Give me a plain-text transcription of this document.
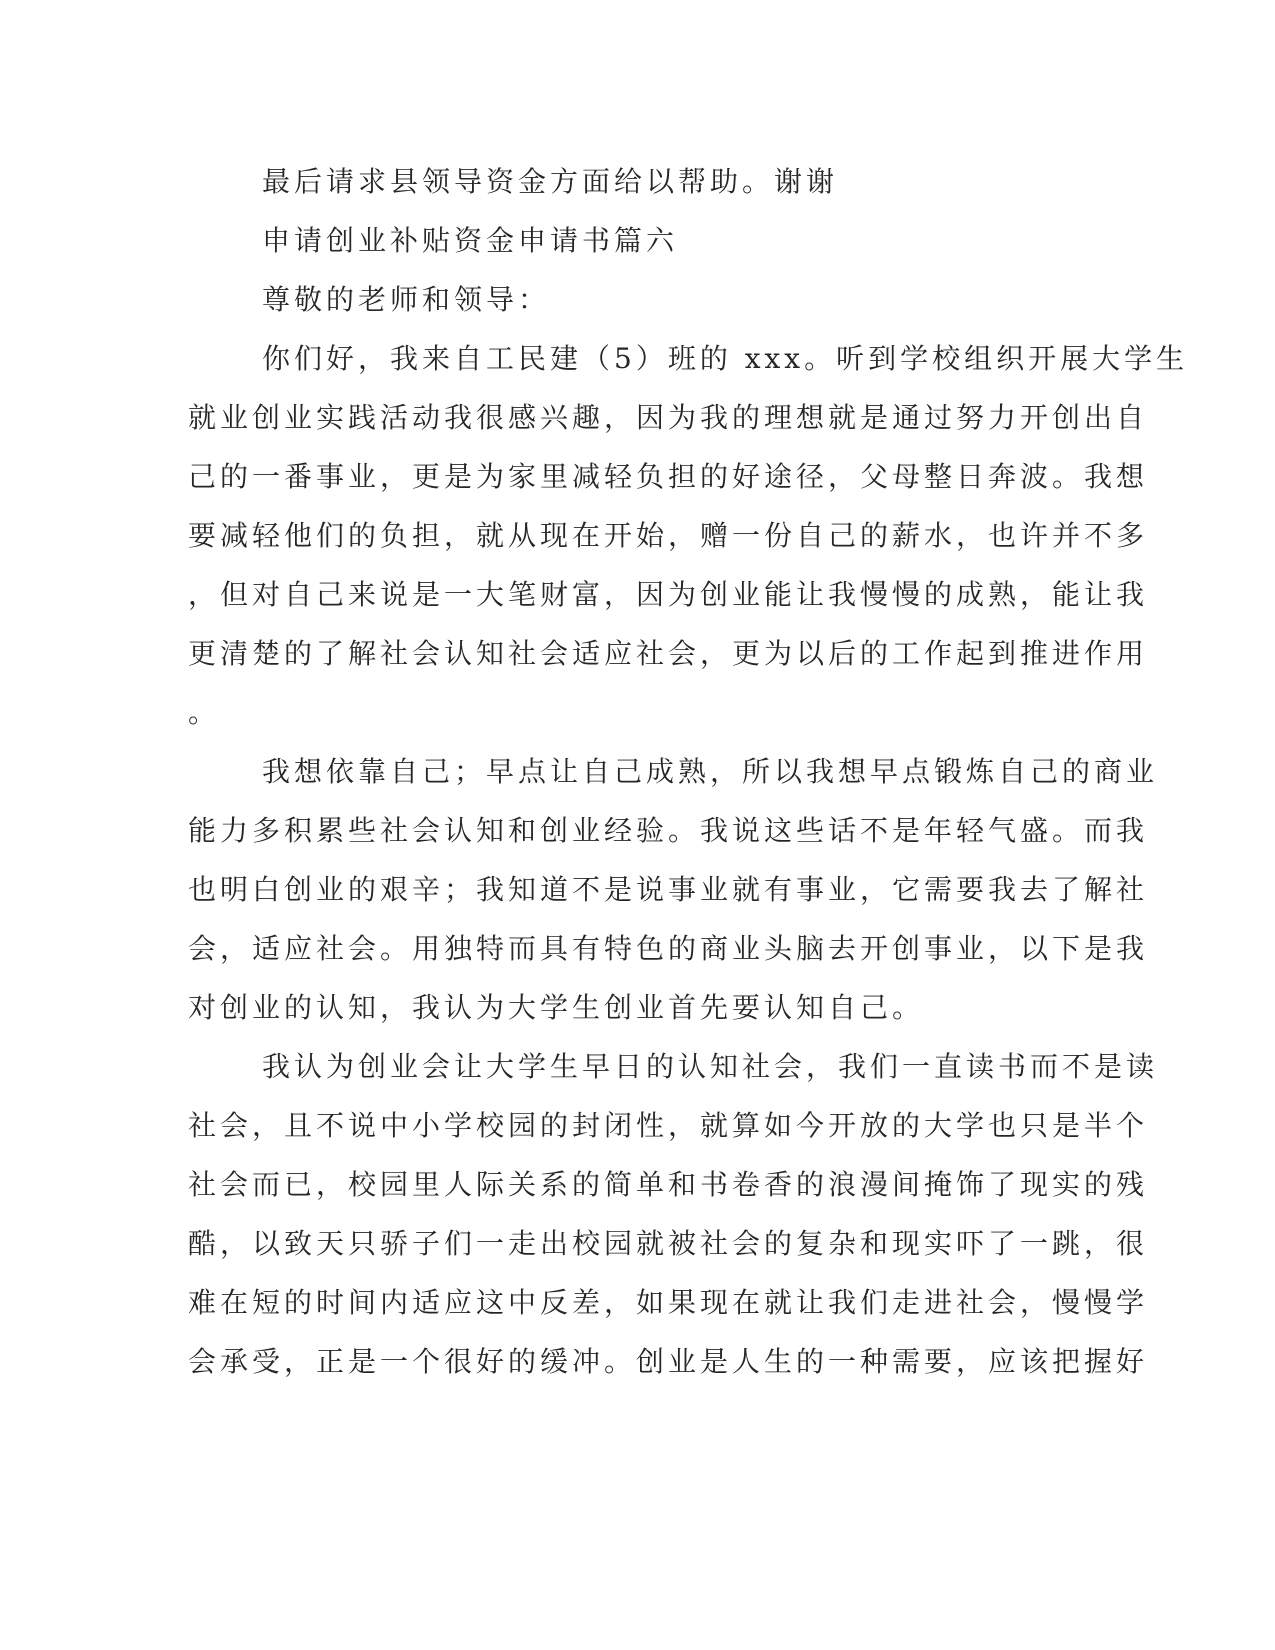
最后请求县领导资金方面给以帮助。谢谢
申请创业补贴资金申请书篇六
尊敬的老师和领导：
你们好，我来自工民建（5）班的 xxx。听到学校组织开展大学生
就业创业实践活动我很感兴趣，因为我的理想就是通过努力开创出自
己的一番事业，更是为家里减轻负担的好途径，父母整日奔波。我想
要减轻他们的负担，就从现在开始，赠一份自己的薪水，也许并不多
，但对自己来说是一大笔财富，因为创业能让我慢慢的成熟，能让我
更清楚的了解社会认知社会适应社会，更为以后的工作起到推进作用
。
我想依靠自己；早点让自己成熟，所以我想早点锻炼自己的商业
能力多积累些社会认知和创业经验。我说这些话不是年轻气盛。而我
也明白创业的艰辛；我知道不是说事业就有事业，它需要我去了解社
会，适应社会。用独特而具有特色的商业头脑去开创事业，以下是我
对创业的认知，我认为大学生创业首先要认知自己。
我认为创业会让大学生早日的认知社会，我们一直读书而不是读
社会，且不说中小学校园的封闭性，就算如今开放的大学也只是半个
社会而已，校园里人际关系的简单和书卷香的浪漫间掩饰了现实的残
酷，以致天只骄子们一走出校园就被社会的复杂和现实吓了一跳，很
难在短的时间内适应这中反差，如果现在就让我们走进社会，慢慢学
会承受，正是一个很好的缓冲。创业是人生的一种需要，应该把握好
